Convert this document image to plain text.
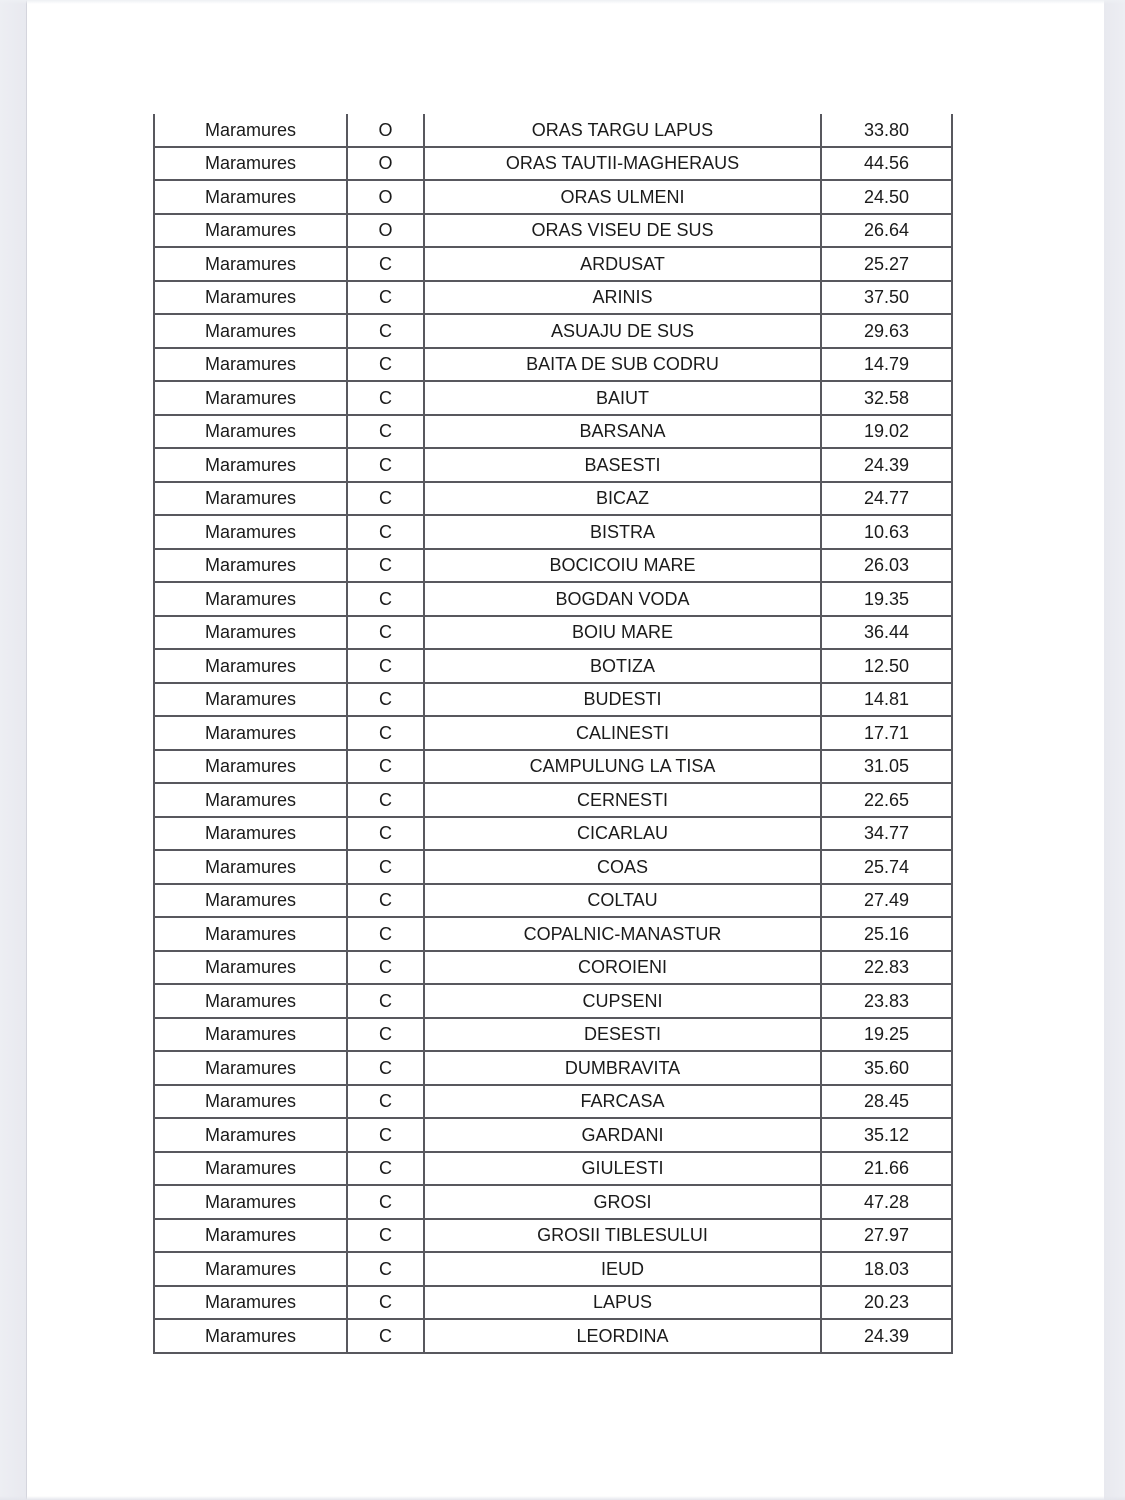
Maramures	O	ORAS TARGU LAPUS	33.80
Maramures	O	ORAS TAUTII-MAGHERAUS	44.56
Maramures	O	ORAS ULMENI	24.50
Maramures	O	ORAS VISEU DE SUS	26.64
Maramures	C	ARDUSAT	25.27
Maramures	C	ARINIS	37.50
Maramures	C	ASUAJU DE SUS	29.63
Maramures	C	BAITA DE SUB CODRU	14.79
Maramures	C	BAIUT	32.58
Maramures	C	BARSANA	19.02
Maramures	C	BASESTI	24.39
Maramures	C	BICAZ	24.77
Maramures	C	BISTRA	10.63
Maramures	C	BOCICOIU MARE	26.03
Maramures	C	BOGDAN VODA	19.35
Maramures	C	BOIU MARE	36.44
Maramures	C	BOTIZA	12.50
Maramures	C	BUDESTI	14.81
Maramures	C	CALINESTI	17.71
Maramures	C	CAMPULUNG LA TISA	31.05
Maramures	C	CERNESTI	22.65
Maramures	C	CICARLAU	34.77
Maramures	C	COAS	25.74
Maramures	C	COLTAU	27.49
Maramures	C	COPALNIC-MANASTUR	25.16
Maramures	C	COROIENI	22.83
Maramures	C	CUPSENI	23.83
Maramures	C	DESESTI	19.25
Maramures	C	DUMBRAVITA	35.60
Maramures	C	FARCASA	28.45
Maramures	C	GARDANI	35.12
Maramures	C	GIULESTI	21.66
Maramures	C	GROSI	47.28
Maramures	C	GROSII TIBLESULUI	27.97
Maramures	C	IEUD	18.03
Maramures	C	LAPUS	20.23
Maramures	C	LEORDINA	24.39
